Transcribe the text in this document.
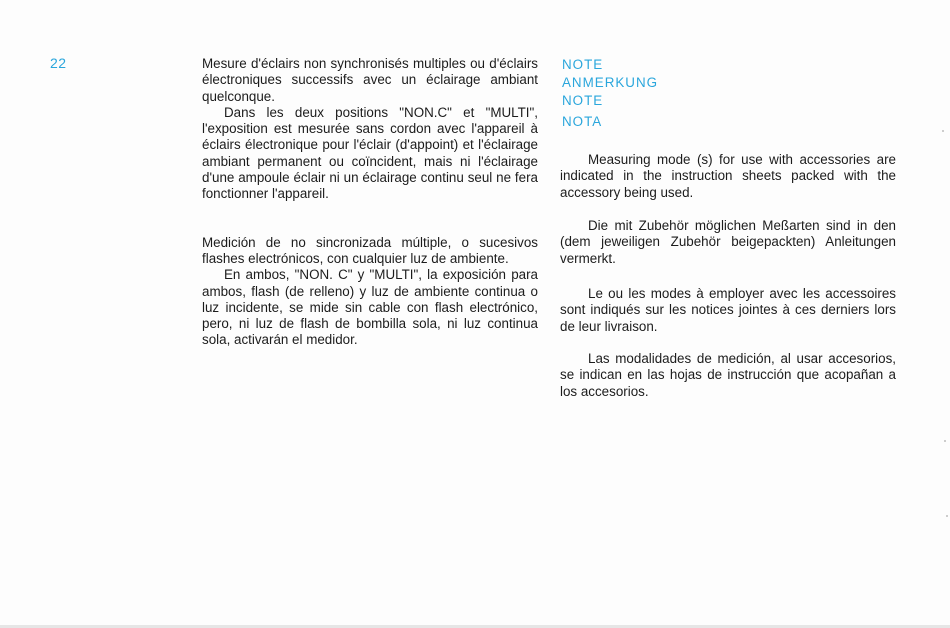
22	Mesure d'éclairs non synchronisés multiples ou d'éclairs électroniques successifs avec un éclairage ambiant quelconque.

Dans les deux positions "NON.C" et "MULTI", l'exposition est mesurée sans cordon avec l'appareil à éclairs électronique pour l'éclair (d'appoint) et l'éclairage ambiant permanent ou coïncident, mais ni l'éclairage d'une ampoule éclair ni un éclairage continu seul ne fera fonctionner l'appareil.

Medición de no sincronizada múltiple, o sucesivos flashes electrónicos, con cualquier luz de ambiente.

En ambos, "NON. C" y "MULTI", la exposición para ambos, flash (de relleno) y luz de ambiente continua o luz incidente, se mide sin cable con flash electrónico, pero, ni luz de flash de bombilla sola, ni luz continua sola, activarán el medidor.

NOTE
ANMERKUNG
NOTE
NOTA

Measuring mode (s) for use with accessories are indicated in the instruction sheets packed with the accessory being used.

Die mit Zubehör möglichen Meßarten sind in den (dem jeweiligen Zubehör beigepackten) Anleitungen vermerkt.

Le ou les modes à employer avec les accessoires sont indiqués sur les notices jointes à ces derniers lors de leur livraison.

Las modalidades de medición, al usar accesorios, se indican en las hojas de instrucción que acopañan a los accesorios.
